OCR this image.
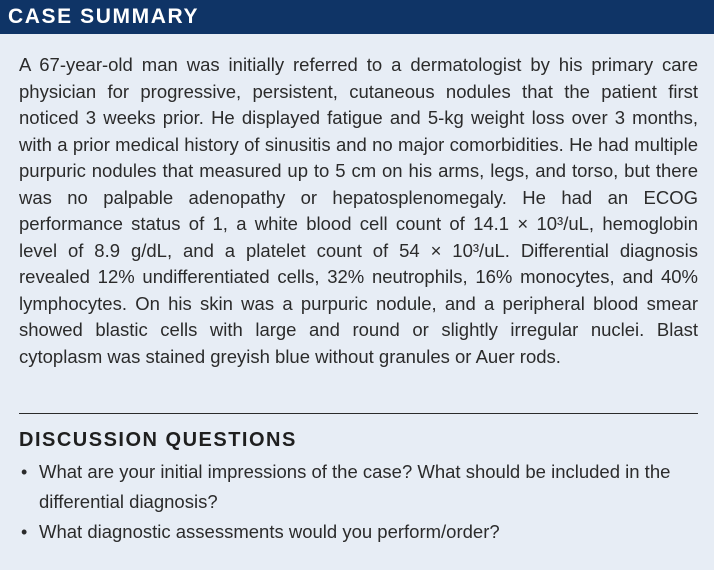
CASE SUMMARY

A 67-year-old man was initially referred to a dermatologist by his primary care physician for progressive, persistent, cutaneous nodules that the patient first noticed 3 weeks prior. He displayed fatigue and 5-kg weight loss over 3 months, with a prior medical history of sinusitis and no major comorbidities. He had multiple purpuric nodules that measured up to 5 cm on his arms, legs, and torso, but there was no palpable adenopathy or hepatosplenomegaly. He had an ECOG performance status of 1, a white blood cell count of 14.1 × 10³/uL, hemoglobin level of 8.9 g/dL, and a platelet count of 54 × 10³/uL. Differential diagnosis revealed 12% undifferentiated cells, 32% neutrophils, 16% monocytes, and 40% lymphocytes. On his skin was a purpuric nodule, and a peripheral blood smear showed blastic cells with large and round or slightly irregular nuclei. Blast cytoplasm was stained greyish blue without granules or Auer rods.

DISCUSSION QUESTIONS
• What are your initial impressions of the case? What should be included in the differential diagnosis?
• What diagnostic assessments would you perform/order?
